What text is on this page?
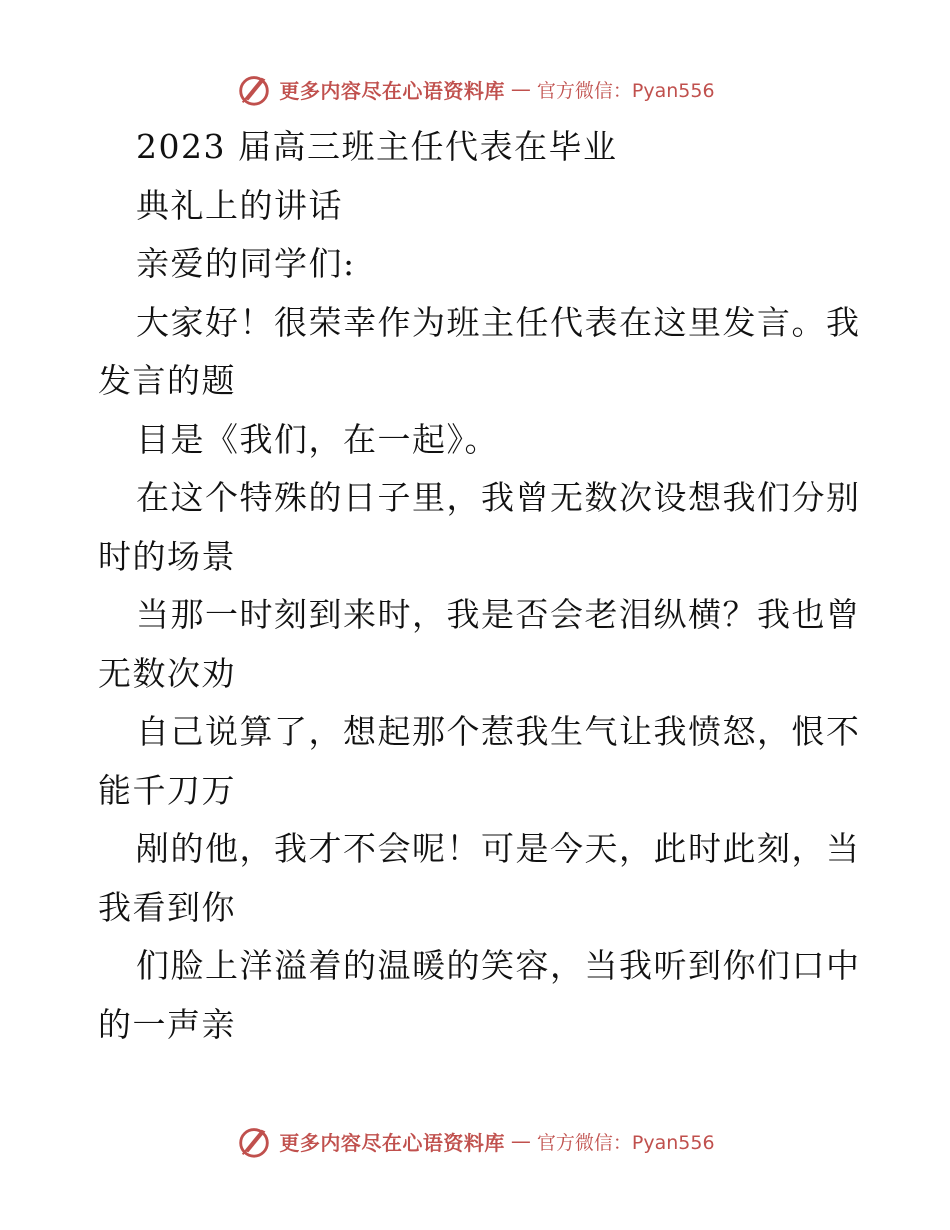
更多内容尽在心语资料库 — 官方微信：Pyan556
2023 届高三班主任代表在毕业
典礼上的讲话
亲爱的同学们:
大家好！很荣幸作为班主任代表在这里发言。我
发言的题
目是《我们，在一起》。
在这个特殊的日子里，我曾无数次设想我们分别
时的场景
当那一时刻到来时，我是否会老泪纵横？我也曾
无数次劝
自己说算了，想起那个惹我生气让我愤怒，恨不
能千刀万
剐的他，我才不会呢！可是今天，此时此刻，当
我看到你
们脸上洋溢着的温暖的笑容，当我听到你们口中
的一声亲
更多内容尽在心语资料库 — 官方微信：Pyan556
